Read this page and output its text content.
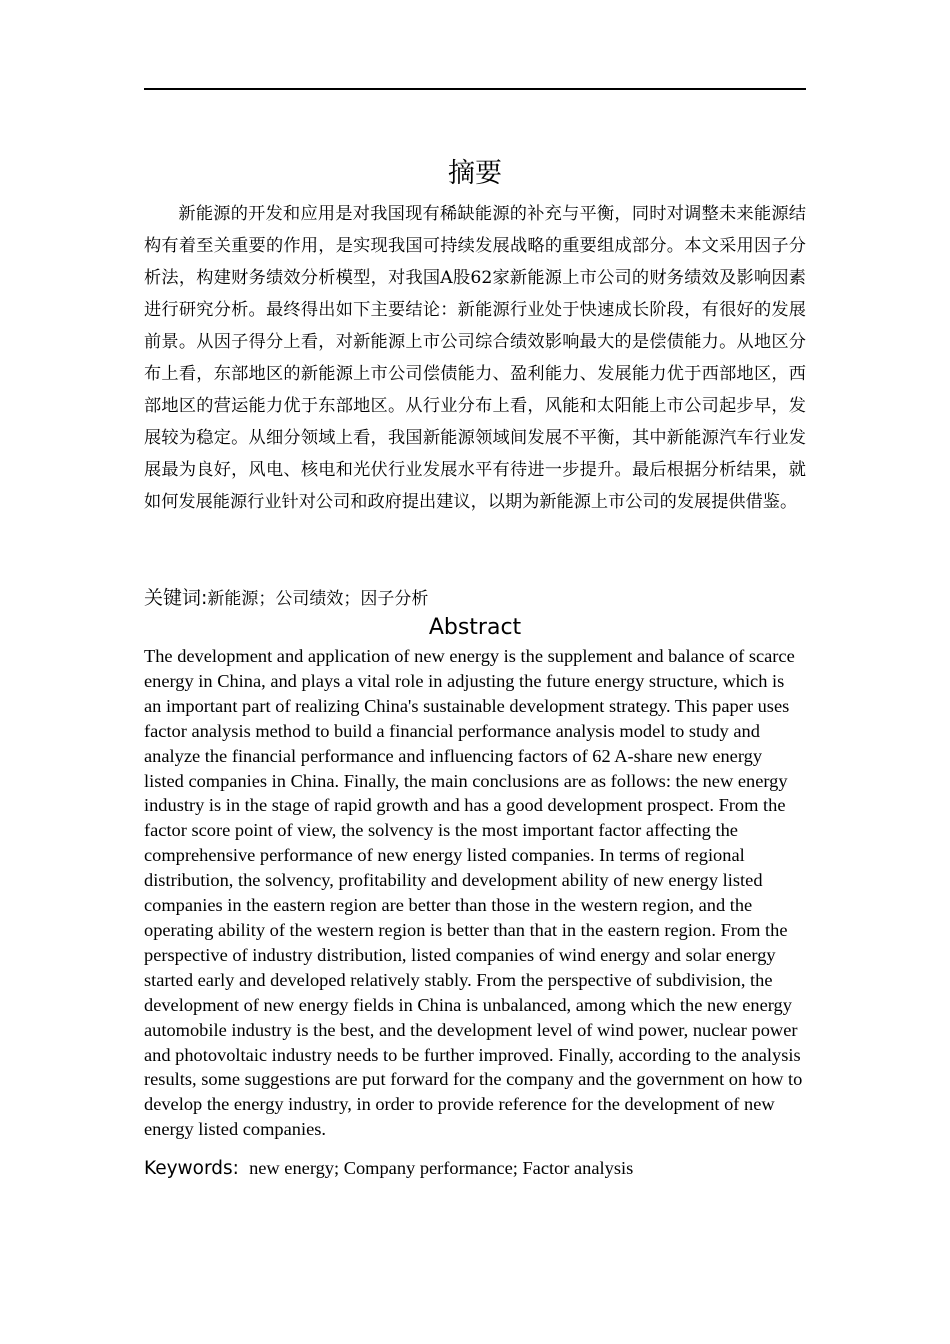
摘要

新能源的开发和应用是对我国现有稀缺能源的补充与平衡，同时对调整未来能源结构有着至关重要的作用，是实现我国可持续发展战略的重要组成部分。本文采用因子分析法，构建财务绩效分析模型，对我国A股62家新能源上市公司的财务绩效及影响因素进行研究分析。最终得出如下主要结论：新能源行业处于快速成长阶段，有很好的发展前景。从因子得分上看，对新能源上市公司综合绩效影响最大的是偿债能力。从地区分布上看，东部地区的新能源上市公司偿债能力、盈利能力、发展能力优于西部地区，西部地区的营运能力优于东部地区。从行业分布上看，风能和太阳能上市公司起步早，发展较为稳定。从细分领域上看，我国新能源领域间发展不平衡，其中新能源汽车行业发展最为良好，风电、核电和光伏行业发展水平有待进一步提升。最后根据分析结果，就如何发展能源行业针对公司和政府提出建议，以期为新能源上市公司的发展提供借鉴。

关键词:新能源；公司绩效；因子分析

Abstract

The development and application of new energy is the supplement and balance of scarce energy in China, and plays a vital role in adjusting the future energy structure, which is an important part of realizing China's sustainable development strategy. This paper uses factor analysis method to build a financial performance analysis model to study and analyze the financial performance and influencing factors of 62 A-share new energy listed companies in China. Finally, the main conclusions are as follows: the new energy industry is in the stage of rapid growth and has a good development prospect. From the factor score point of view, the solvency is the most important factor affecting the comprehensive performance of new energy listed companies. In terms of regional distribution, the solvency, profitability and development ability of new energy listed companies in the eastern region are better than those in the western region, and the operating ability of the western region is better than that in the eastern region. From the perspective of industry distribution, listed companies of wind energy and solar energy started early and developed relatively stably. From the perspective of subdivision, the development of new energy fields in China is unbalanced, among which the new energy automobile industry is the best, and the development level of wind power, nuclear power and photovoltaic industry needs to be further improved. Finally, according to the analysis results, some suggestions are put forward for the company and the government on how to develop the energy industry, in order to provide reference for the development of new energy listed companies.

Keywords: new energy; Company performance; Factor analysis
